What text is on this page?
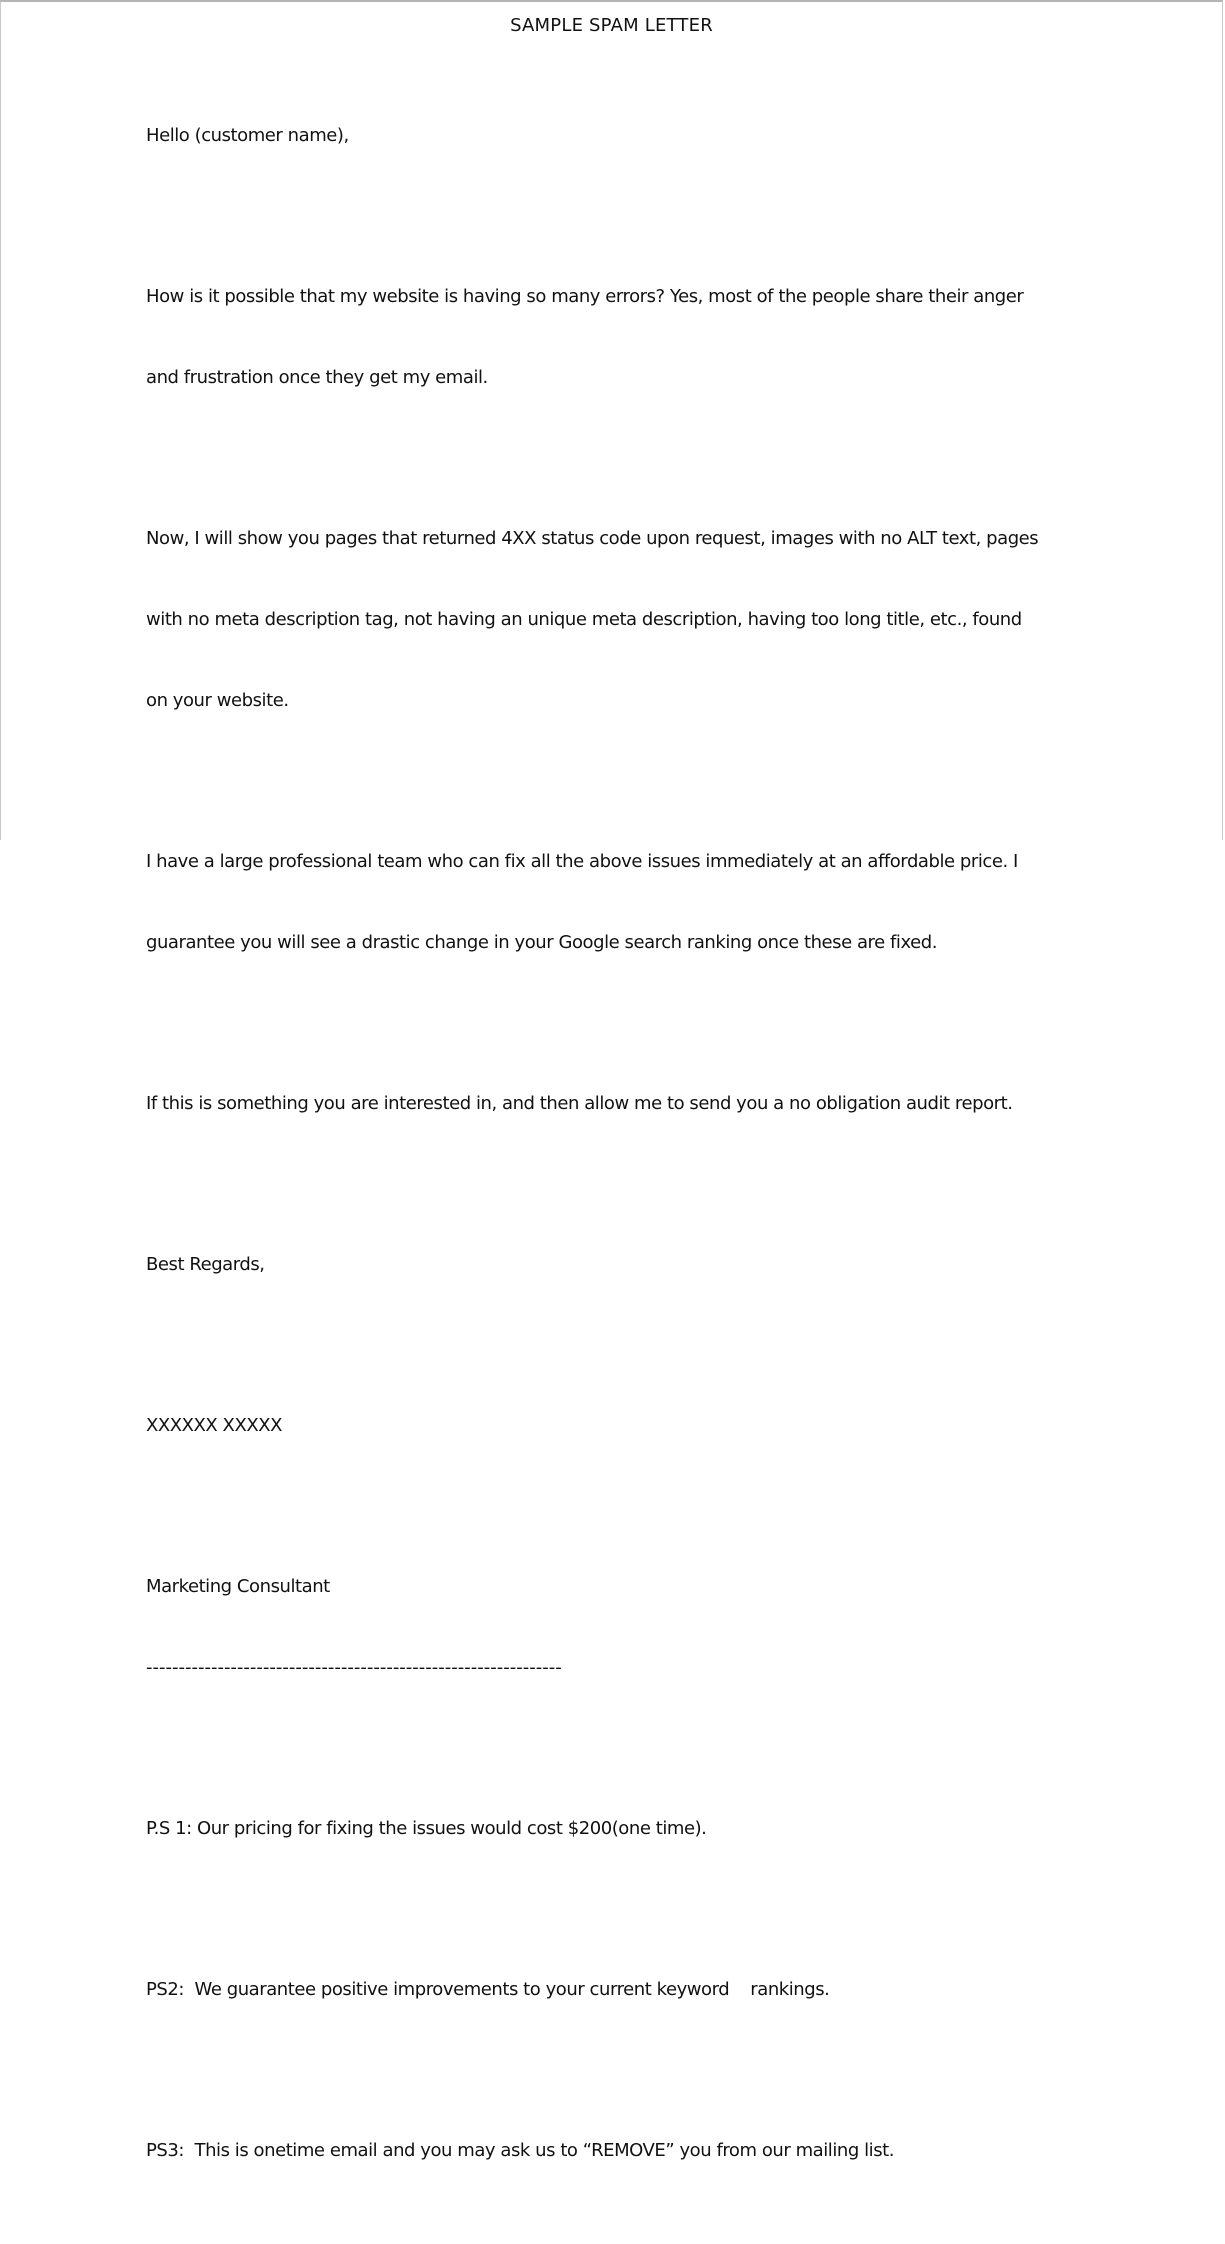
SAMPLE SPAM LETTER

Hello (customer name),

How is it possible that my website is having so many errors? Yes, most of the people share their anger

and frustration once they get my email.

Now, I will show you pages that returned 4XX status code upon request, images with no ALT text, pages

with no meta description tag, not having an unique meta description, having too long title, etc., found

on your website.

I have a large professional team who can fix all the above issues immediately at an affordable price. I

guarantee you will see a drastic change in your Google search ranking once these are fixed.

If this is something you are interested in, and then allow me to send you a no obligation audit report.

Best Regards,

XXXXXX XXXXX

Marketing Consultant

----------------------------------------------------------------

P.S 1: Our pricing for fixing the issues would cost $200(one time).

PS2:  We guarantee positive improvements to your current keyword    rankings.

PS3:  This is onetime email and you may ask us to “REMOVE” you from our mailing list.
